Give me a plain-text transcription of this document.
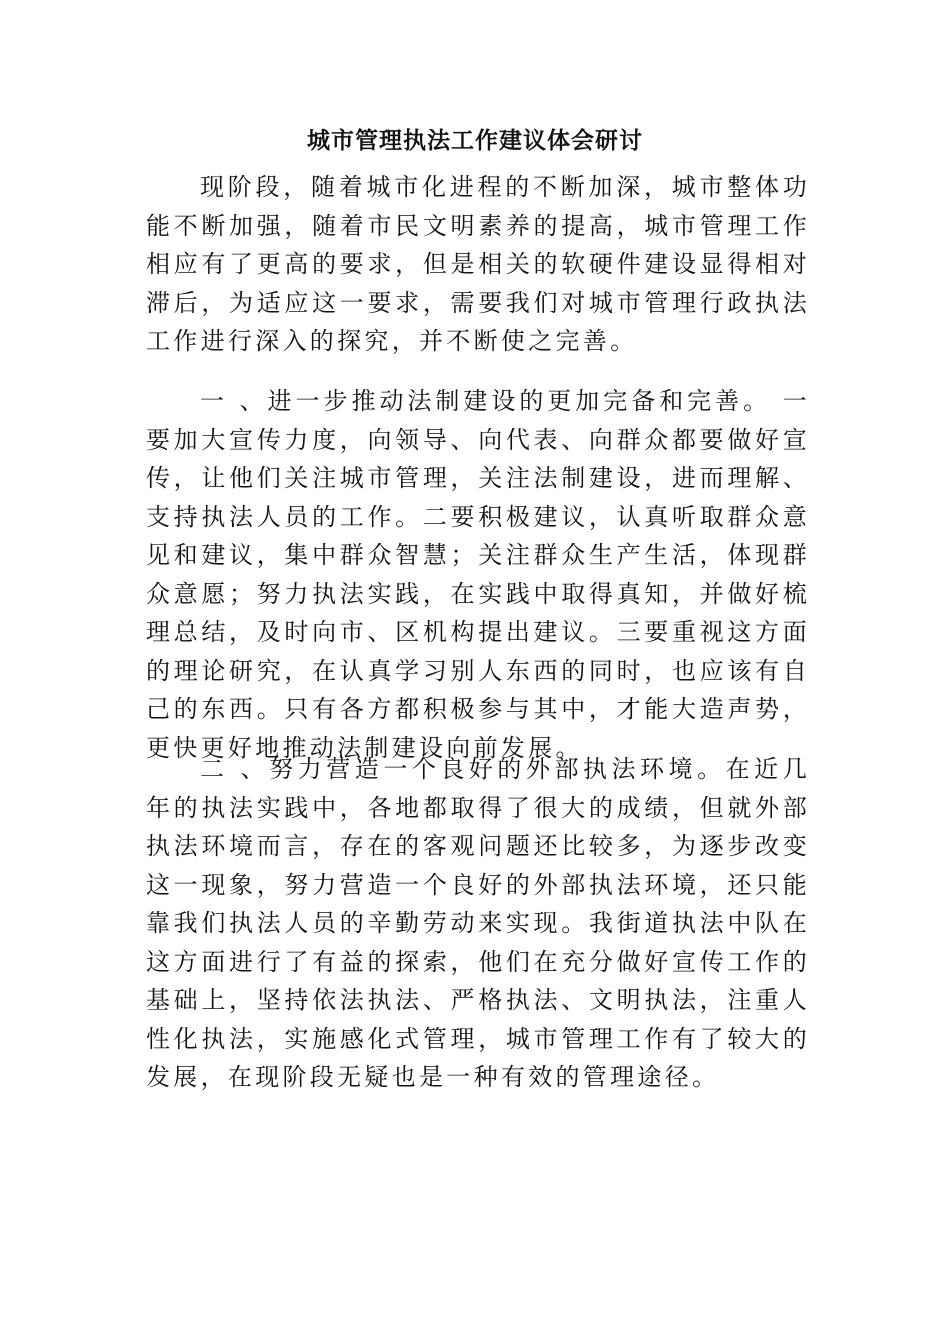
城市管理执法工作建议体会研讨

现阶段，随着城市化进程的不断加深，城市整体功能不断加强，随着市民文明素养的提高，城市管理工作相应有了更高的要求，但是相关的软硬件建设显得相对滞后，为适应这一要求，需要我们对城市管理行政执法工作进行深入的探究，并不断使之完善。

一 、进一步推动法制建设的更加完备和完善。 一要加大宣传力度，向领导、向代表、向群众都要做好宣传，让他们关注城市管理，关注法制建设，进而理解、支持执法人员的工作。二要积极建议，认真听取群众意见和建议，集中群众智慧；关注群众生产生活，体现群众意愿；努力执法实践，在实践中取得真知，并做好梳理总结，及时向市、区机构提出建议。三要重视这方面的理论研究，在认真学习别人东西的同时，也应该有自己的东西。只有各方都积极参与其中，才能大造声势，更快更好地推动法制建设向前发展。

二 、努力营造一个良好的外部执法环境。在近几年的执法实践中，各地都取得了很大的成绩，但就外部执法环境而言，存在的客观问题还比较多，为逐步改变这一现象，努力营造一个良好的外部执法环境，还只能靠我们执法人员的辛勤劳动来实现。我街道执法中队在这方面进行了有益的探索，他们在充分做好宣传工作的基础上，坚持依法执法、严格执法、文明执法，注重人性化执法，实施感化式管理，城市管理工作有了较大的发展，在现阶段无疑也是一种有效的管理途径。
